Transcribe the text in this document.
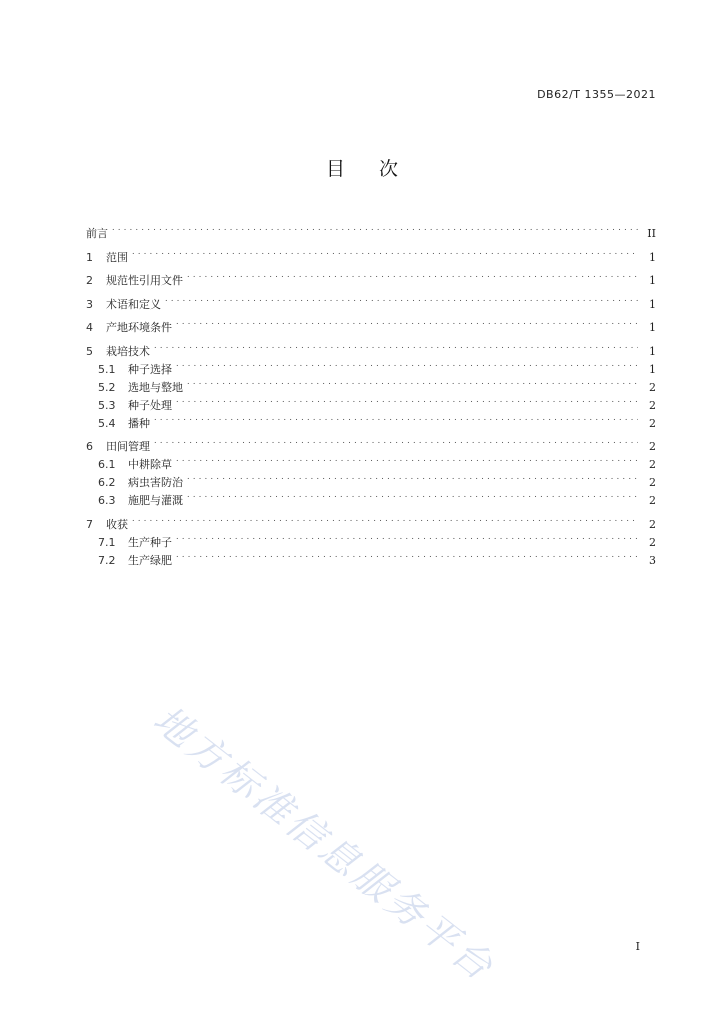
DB62/T 1355—2021
目 次
前言 . . .	II
1	范围 . . .	1
2	规范性引用文件 . . .	1
3	术语和定义 . . .	1
4	产地环境条件 . . .	1
5	栽培技术 . . .	1
5.1	种子选择 . . .	1
5.2	选地与整地 . . .	2
5.3	种子处理 . . .	2
5.4	播种 . . .	2
6	田间管理 . . .	2
6.1	中耕除草 . . .	2
6.2	病虫害防治 . . .	2
6.3	施肥与灌溉 . . .	2
7	收获 . . .	2
7.1	生产种子 . . .	2
7.2	生产绿肥 . . .	3
地方标准信息服务平台	I
